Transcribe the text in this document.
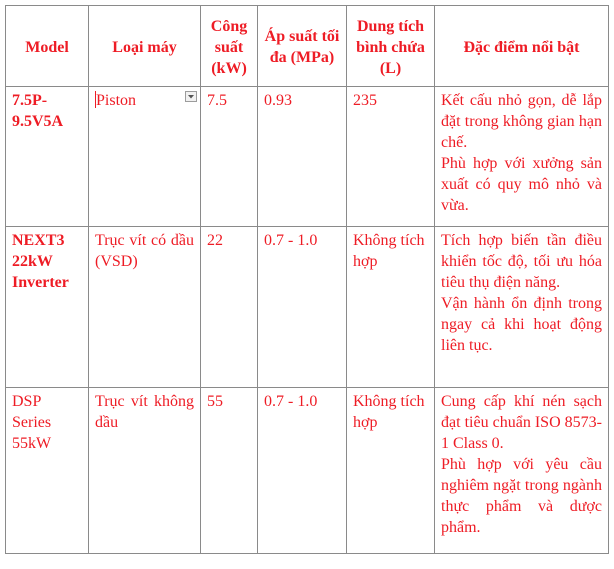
Model	Loại máy	Công suất (kW)	Áp suất tối đa (MPa)	Dung tích bình chứa (L)	Đặc điểm nổi bật
7.5P-9.5V5A	Piston	7.5	0.93	235	Kết cấu nhỏ gọn, dễ lắp đặt trong không gian hạn chế.

Phù hợp với xưởng sản xuất có quy mô nhỏ và vừa.

NEXT3 22kW Inverter	Trục vít có dầu (VSD)	22	0.7 - 1.0	Không tích hợp	Tích hợp biến tần điều khiển tốc độ, tối ưu hóa tiêu thụ điện năng.

Vận hành ổn định trong ngay cả khi hoạt động liên tục.

DSP Series 55kW	Trục vít không dầu	55	0.7 - 1.0	Không tích hợp	Cung cấp khí nén sạch đạt tiêu chuẩn ISO 8573-1 Class 0.

Phù hợp với yêu cầu nghiêm ngặt trong ngành thực phẩm và dược phẩm.
